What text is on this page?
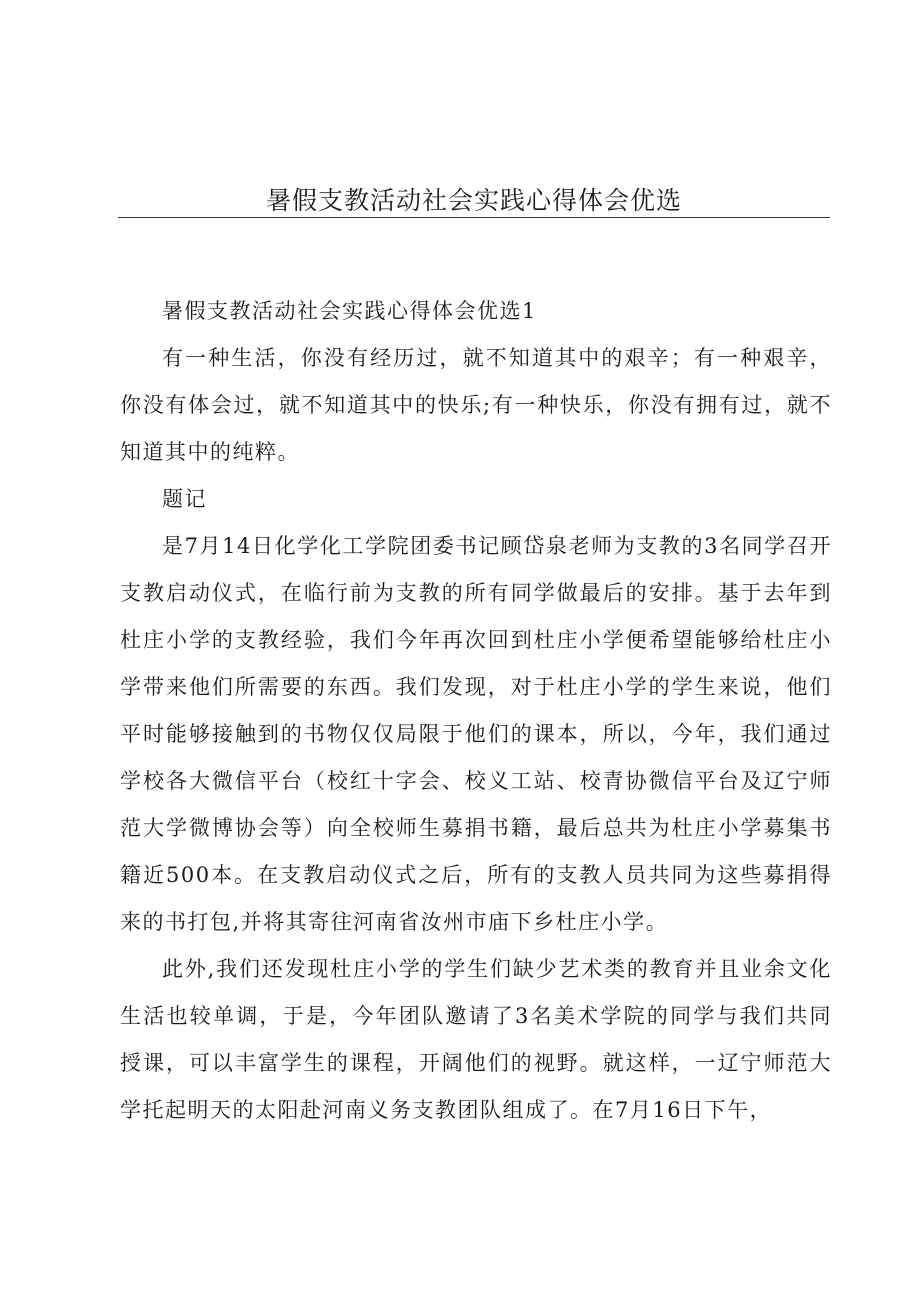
暑假支教活动社会实践心得体会优选

暑假支教活动社会实践心得体会优选1

有一种生活，你没有经历过，就不知道其中的艰辛；有一种艰辛，你没有体会过，就不知道其中的快乐;有一种快乐，你没有拥有过，就不知道其中的纯粹。

题记

是7月14日化学化工学院团委书记顾岱泉老师为支教的3名同学召开支教启动仪式，在临行前为支教的所有同学做最后的安排。基于去年到杜庄小学的支教经验，我们今年再次回到杜庄小学便希望能够给杜庄小学带来他们所需要的东西。我们发现，对于杜庄小学的学生来说，他们平时能够接触到的书物仅仅局限于他们的课本，所以，今年，我们通过学校各大微信平台（校红十字会、校义工站、校青协微信平台及辽宁师范大学微博协会等）向全校师生募捐书籍，最后总共为杜庄小学募集书籍近500本。在支教启动仪式之后，所有的支教人员共同为这些募捐得来的书打包,并将其寄往河南省汝州市庙下乡杜庄小学。

此外,我们还发现杜庄小学的学生们缺少艺术类的教育并且业余文化生活也较单调，于是，今年团队邀请了3名美术学院的同学与我们共同授课，可以丰富学生的课程，开阔他们的视野。就这样，一辽宁师范大学托起明天的太阳赴河南义务支教团队组成了。在7月16日下午，
